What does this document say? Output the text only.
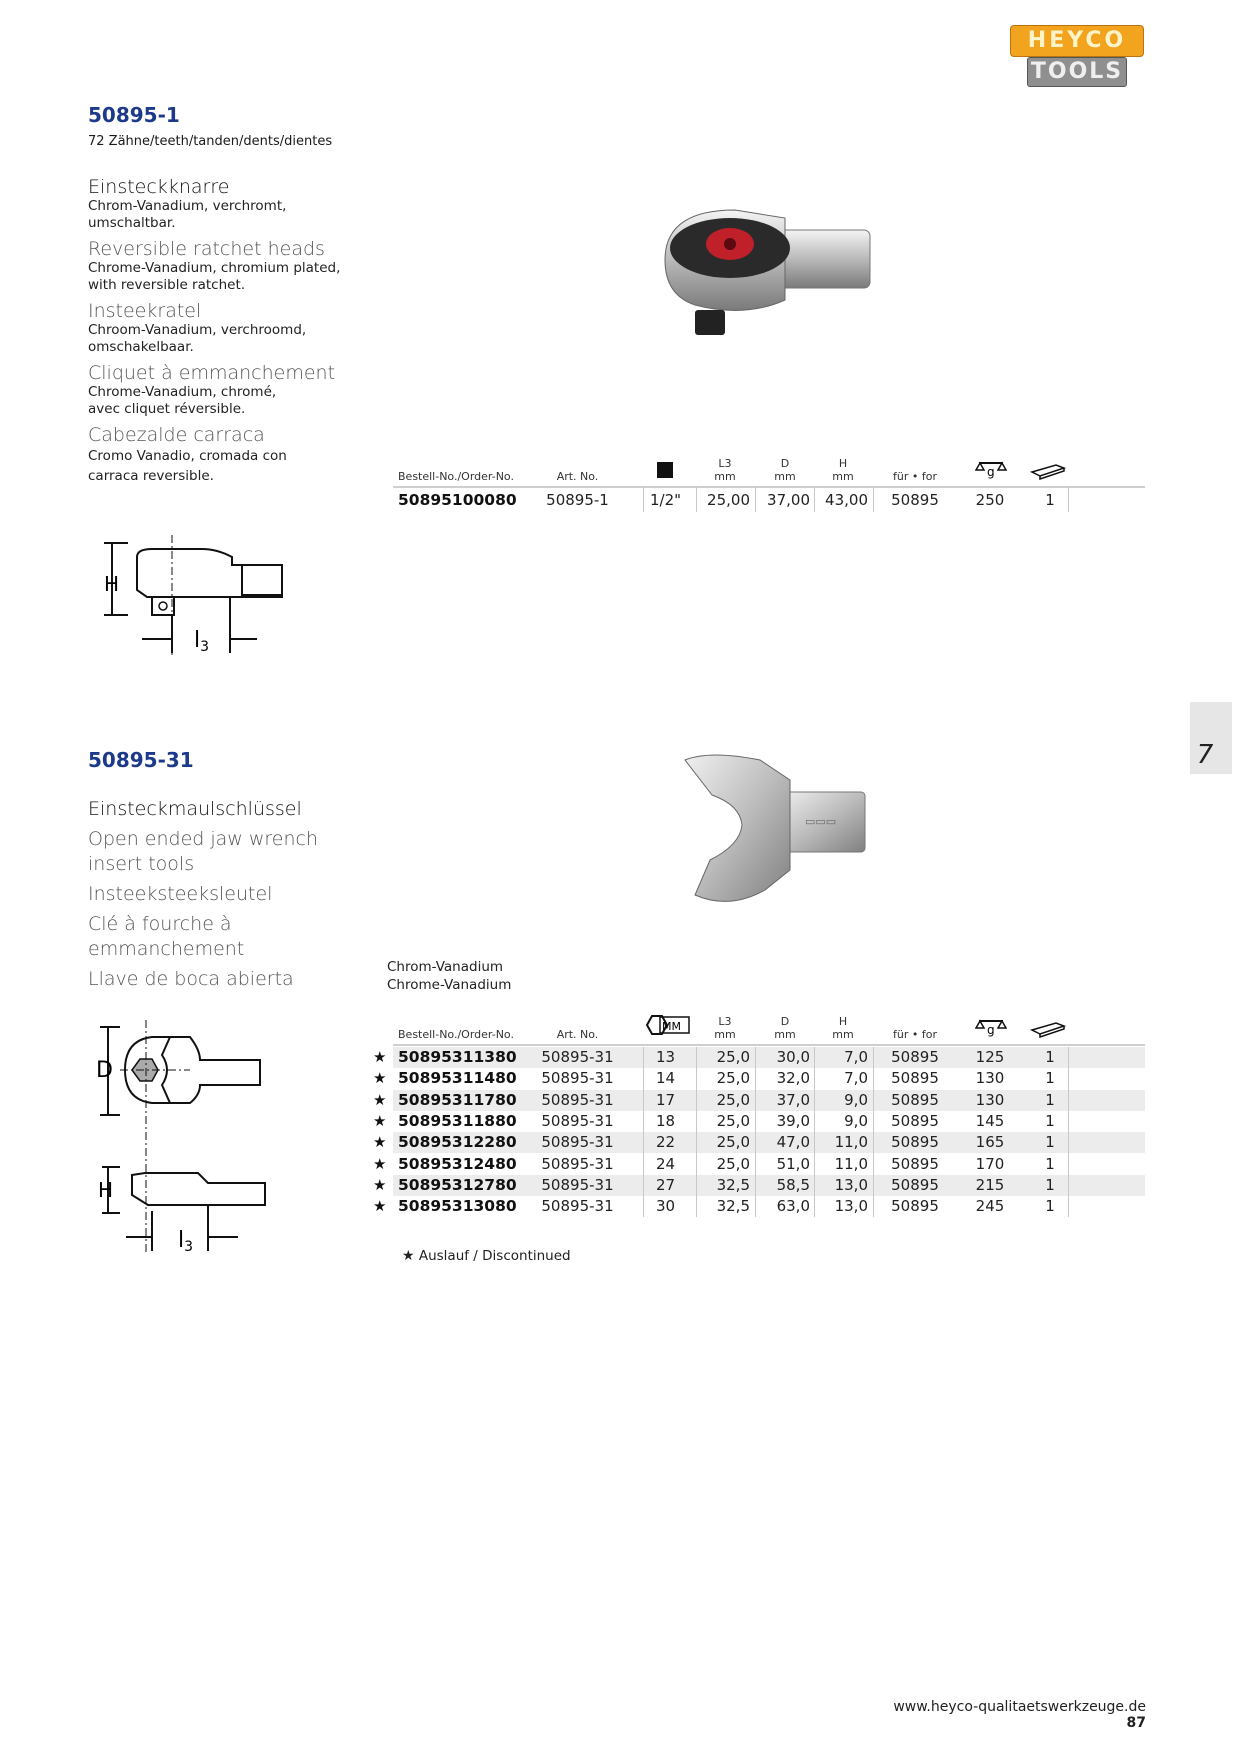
HEYCO
TOOLS
50895-1
72 Zähne/teeth/tanden/dents/dientes
Einsteckknarre
Chrom-Vanadium, verchromt,
umschaltbar.
Reversible ratchet heads
Chrome-Vanadium, chromium plated,
with reversible ratchet.
Insteekratel
Chroom-Vanadium, verchroomd,
omschakelbaar.
Cliquet à emmanchement
Chrome-Vanadium, chromé,
avec cliquet réversible.
Cabezalde carraca
Cromo Vanadio, cromada con
carraca reversible.
H
l3
Bestell-No./Order-No.	Art. No.
L3
mm
D
mm
H
mm	für • for	g
50895100080	50895-1	1/2"	25,00	37,00	43,00	50895	250	1
7
50895-31
Einsteckmaulschlüssel
Open ended jaw wrench
insert tools
Insteeksteeksleutel
Clé à fourche à
emmanchement
Llave de boca abierta
▭▭▭
D
H
l3
Chrom-Vanadium
Chrome-Vanadium
Bestell-No./Order-No.	Art. No.
MM	L3
mm
D
mm
H
mm	für • for	g
★ 50895311380	50895-31	13	25,0	30,0	7,0	50895	125	1
★ 50895311480	50895-31	14	25,0	32,0	7,0	50895	130	1
★ 50895311780	50895-31	17	25,0	37,0	9,0	50895	130	1
★ 50895311880	50895-31	18	25,0	39,0	9,0	50895	145	1
★ 50895312280	50895-31	22	25,0	47,0	11,0	50895	165	1
★ 50895312480	50895-31	24	25,0	51,0	11,0	50895	170	1
★ 50895312780	50895-31	27	32,5	58,5	13,0	50895	215	1
★ 50895313080	50895-31	30	32,5	63,0	13,0	50895	245	1
★ Auslauf / Discontinued
www.heyco-qualitaetswerkzeuge.de 87
